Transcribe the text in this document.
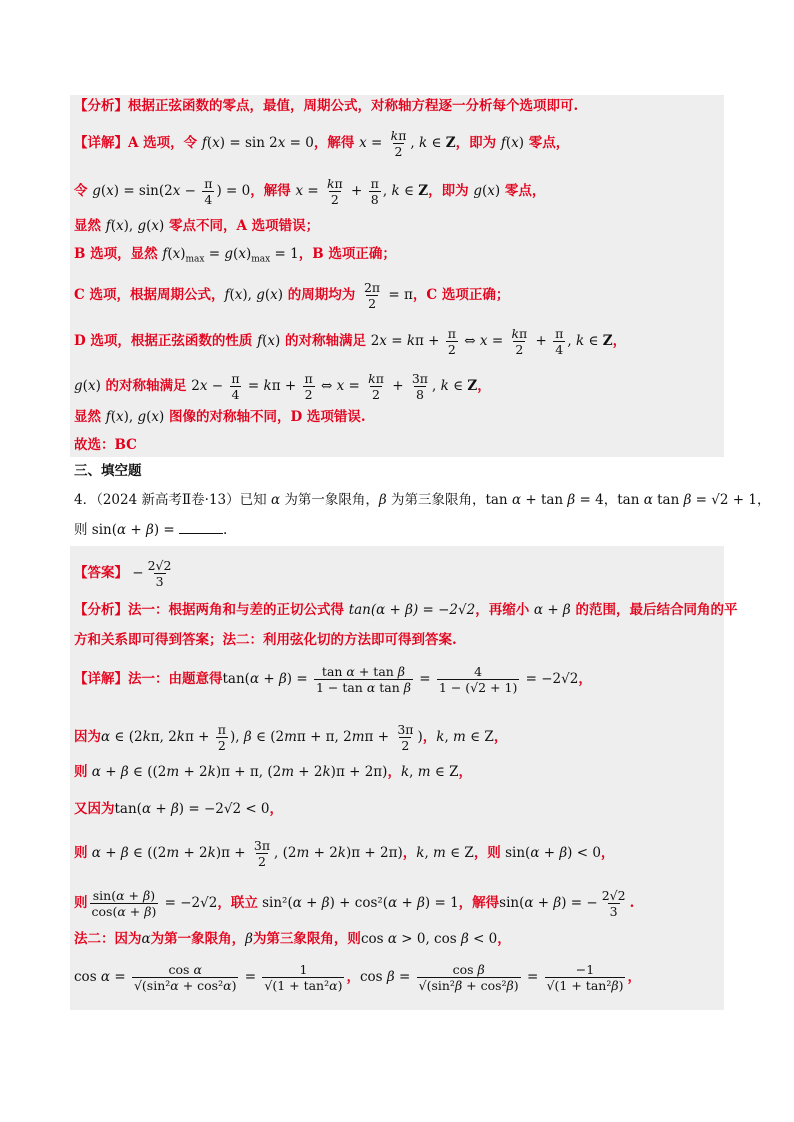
【分析】根据正弦函数的零点，最值，周期公式，对称轴方程逐一分析每个选项即可.
【详解】A 选项，令 f(x) = sin 2x = 0，解得 $x = \frac{k\pi}{2}$ , k ∈ Z，即为 f(x) 零点，
令 $g(x) = \sin(2x - \frac{\pi}{4}$ ) = 0，解得 $x = \frac{k\pi}{2} + \frac{\pi}{8}$ , k ∈ Z，即为 g(x) 零点，
显然 f(x), g(x) 零点不同，A 选项错误；
B 选项，显然 $f(x)_{max} = g(x)_{max} = 1$，B 选项正确；
C 选项，根据周期公式，f(x), g(x) 的周期均为 $\frac{2\pi}{2} = \pi$，C 选项正确；
D 选项，根据正弦函数的性质 f(x) 的对称轴满足 $2x = k\pi + \frac{\pi}{2}$ ⇔ $x = \frac{k\pi}{2} + \frac{\pi}{4}$ , k ∈ Z，
g(x) 的对称轴满足 $2x - \frac{\pi}{4} = k\pi + \frac{\pi}{2}$ ⇔ $x = \frac{k\pi}{2} + \frac{3\pi}{8}$ , k ∈ Z，
显然 f(x), g(x) 图像的对称轴不同，D 选项错误.
故选：BC
三、填空题
4．（2024 新高考Ⅱ卷·13）已知 α 为第一象限角，β 为第三象限角，tan α + tan β = 4，tan α tan β = √2 + 1，
则 sin(α + β) =	.
【答案】 − $\frac{2√2}{3}$
【分析】法一：根据两角和与差的正切公式得 tan(α + β) = −2√2，再缩小 α + β 的范围，最后结合同角的平
方和关系即可得到答案；法二：利用弦化切的方法即可得到答案.
【详解】法一：由题意得$\tan(\alpha + \beta) = \frac{\text{tan α + tan β}}{\text{1 − tan α tan β}} = \frac{4}{1 - (√2 + 1)} = -2√2$，
因为α ∈ (2kπ, $2k\pi + \frac{\pi}{2}$ ), β ∈ (2mπ + π, $2m\pi + \frac{3\pi}{2}$ )，k, m ∈ Z，
则 α + β ∈ ((2m + 2k)π + π, (2m + 2k)π + 2π)，k, m ∈ Z，
又因为tan(α + β) = −2√2 < 0，
则 α + β ∈ ($(2m + 2k)\pi + \frac{3\pi}{2}$ , (2m + 2k)π + 2π)，k, m ∈ Z，则 sin(α + β) < 0，
则 $\frac{\sin(\alpha + \beta)}{\cos(\alpha + \beta)} = -2√2$，联立 sin²(α + β) + cos²(α + β) = 1，解得sin(α + β) = − $\frac{2√2}{3}$ .
法二：因为α为第一象限角，β为第三象限角，则cos α > 0, cos β < 0，
$\cos \alpha = \frac{\text{cos α}}{\text{√(sin²α + cos²α)}} = \frac{1}{\text{√(1 + tan²α)}}$ ，$\cos \beta = \frac{\text{cos β}}{\text{√(sin²β + cos²β)}} = \frac{-1}{\text{√(1 + tan²β)}}$ ，
